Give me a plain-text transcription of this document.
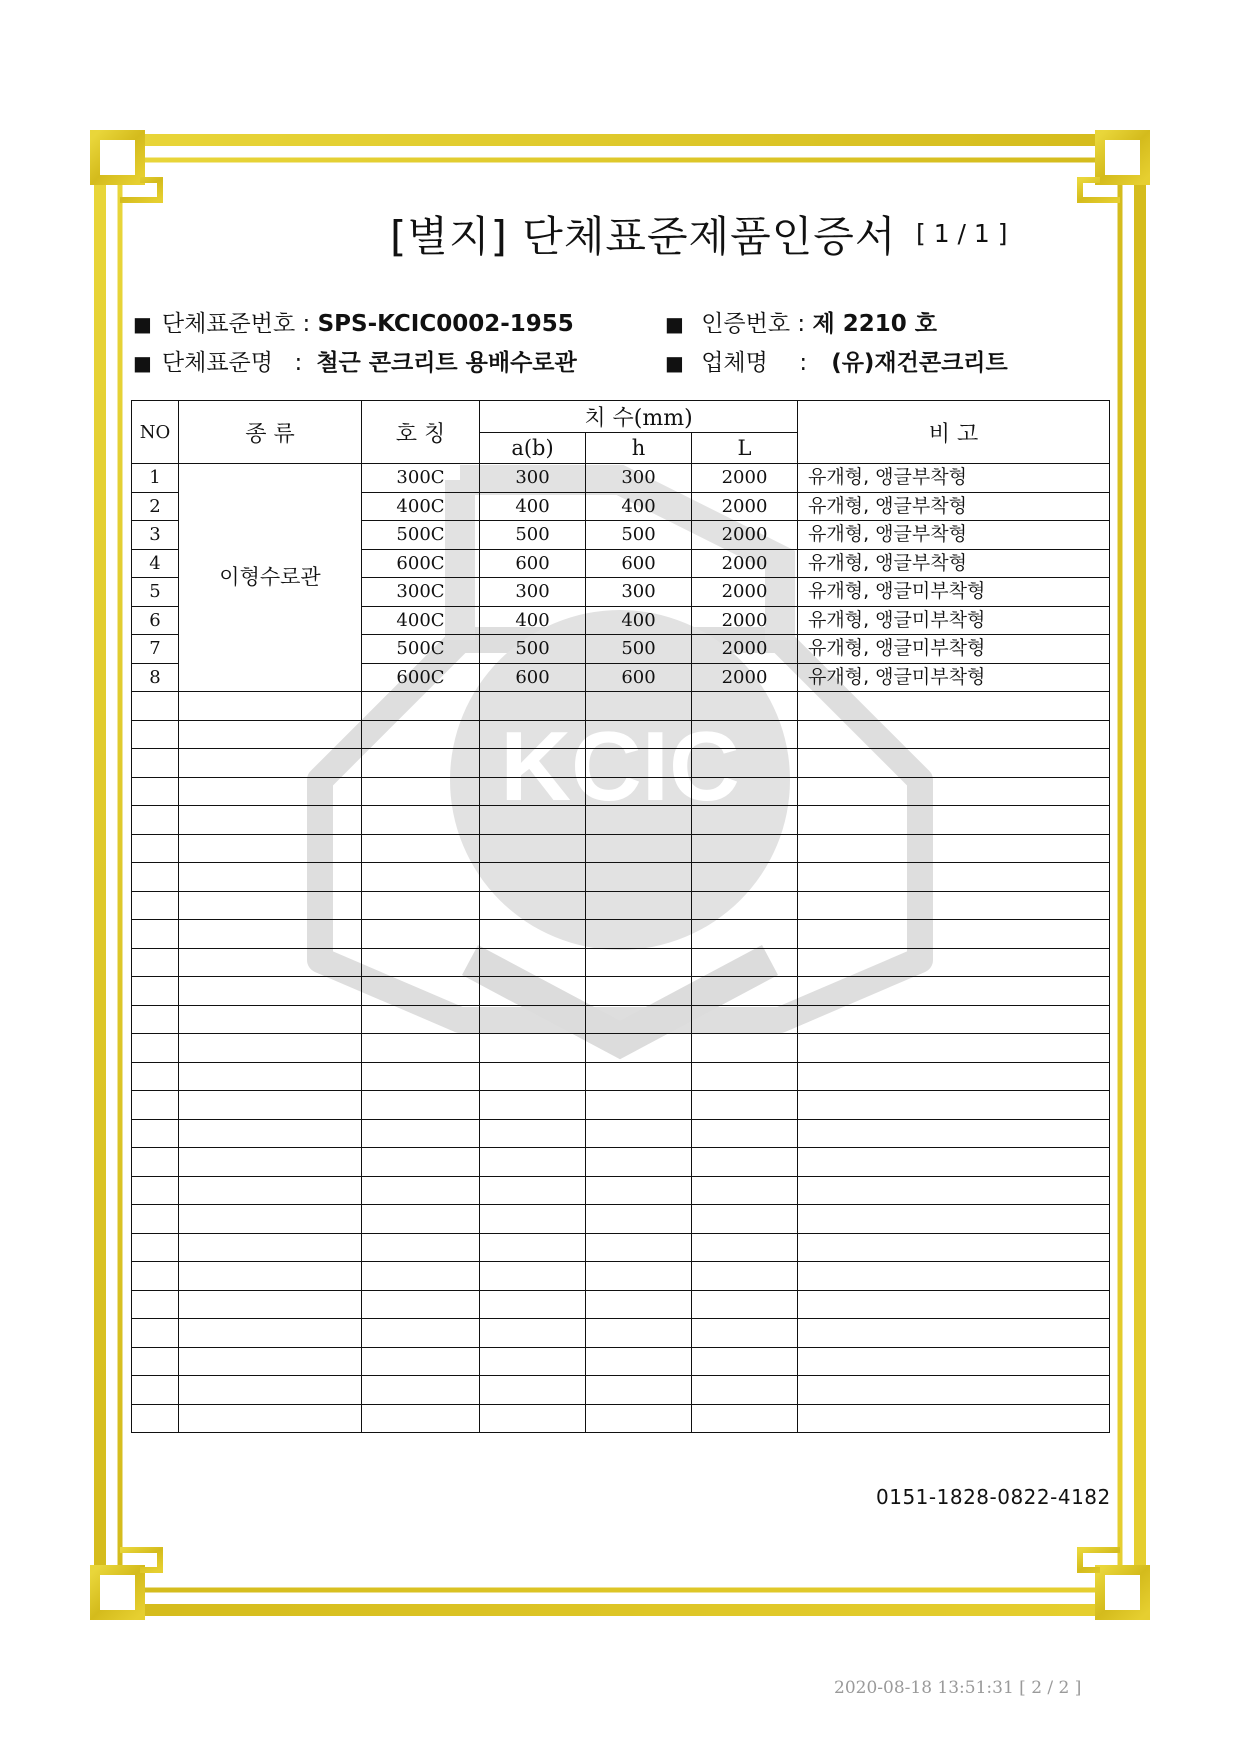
KCIC
[별지] 단체표준제품인증서 [ 1 / 1 ]
■ 단체표준번호 : SPS-KCIC0002-1955	■ 인증번호 : 제 2210 호
■ 단체표준명 : 철근 콘크리트 용배수로관	■ 업체명 : (유)재건콘크리트
NO	종 류	호 칭	치 수(mm)			비 고
			a(b)	h	L	
1	이형수로관	300C	300	300	2000	유개형, 앵글부착형
2		400C	400	400	2000	유개형, 앵글부착형
3		500C	500	500	2000	유개형, 앵글부착형
4		600C	600	600	2000	유개형, 앵글부착형
5		300C	300	300	2000	유개형, 앵글미부착형
6		400C	400	400	2000	유개형, 앵글미부착형
7		500C	500	500	2000	유개형, 앵글미부착형
8		600C	600	600	2000	유개형, 앵글미부착형

0151-1828-0822-4182
2020-08-18 13:51:31 [ 2 / 2 ]
